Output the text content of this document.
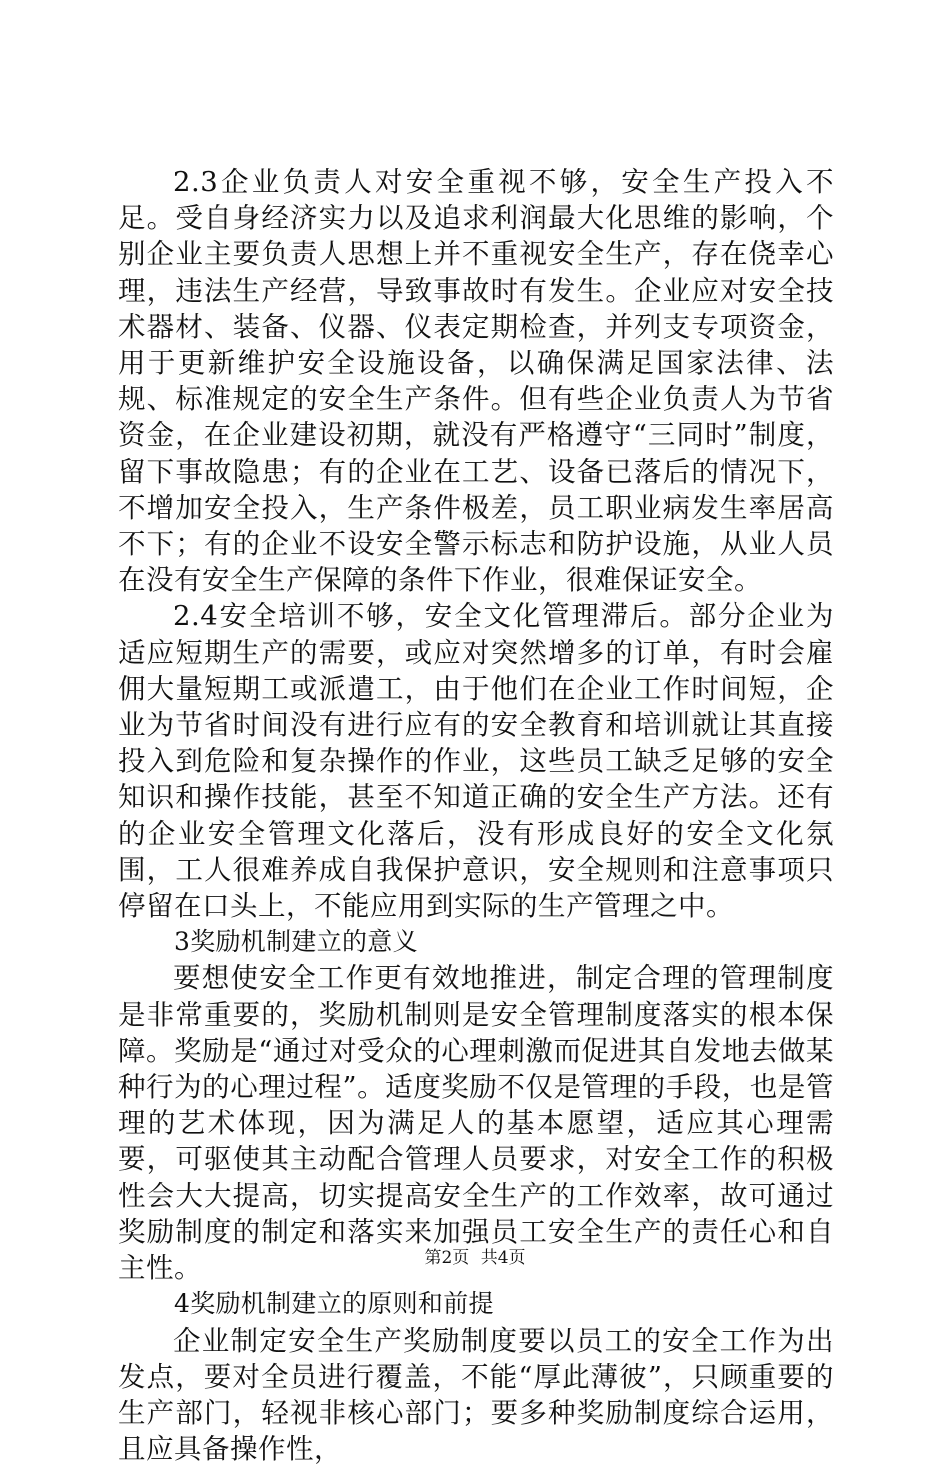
2.3企业负责人对安全重视不够，安全生产投入不足。受自身经济实力以及追求利润最大化思维的影响，个别企业主要负责人思想上并不重视安全生产，存在侥幸心理，违法生产经营，导致事故时有发生。企业应对安全技术器材、装备、仪器、仪表定期检查，并列支专项资金，用于更新维护安全设施设备，以确保满足国家法律、法规、标准规定的安全生产条件。但有些企业负责人为节省资金，在企业建设初期，就没有严格遵守“三同时”制度，留下事故隐患；有的企业在工艺、设备已落后的情况下，不增加安全投入，生产条件极差，员工职业病发生率居高不下；有的企业不设安全警示标志和防护设施，从业人员在没有安全生产保障的条件下作业，很难保证安全。

2.4安全培训不够，安全文化管理滞后。部分企业为适应短期生产的需要，或应对突然增多的订单，有时会雇佣大量短期工或派遣工，由于他们在企业工作时间短，企业为节省时间没有进行应有的安全教育和培训就让其直接投入到危险和复杂操作的作业，这些员工缺乏足够的安全知识和操作技能，甚至不知道正确的安全生产方法。还有的企业安全管理文化落后，没有形成良好的安全文化氛围，工人很难养成自我保护意识，安全规则和注意事项只停留在口头上，不能应用到实际的生产管理之中。

3奖励机制建立的意义

要想使安全工作更有效地推进，制定合理的管理制度是非常重要的，奖励机制则是安全管理制度落实的根本保障。奖励是“通过对受众的心理刺激而促进其自发地去做某种行为的心理过程”。适度奖励不仅是管理的手段，也是管理的艺术体现，因为满足人的基本愿望，适应其心理需要，可驱使其主动配合管理人员要求，对安全工作的积极性会大大提高，切实提高安全生产的工作效率，故可通过奖励制度的制定和落实来加强员工安全生产的责任心和自主性。

4奖励机制建立的原则和前提

企业制定安全生产奖励制度要以员工的安全工作为出发点，要对全员进行覆盖，不能“厚此薄彼”，只顾重要的生产部门，轻视非核心部门；要多种奖励制度综合运用，且应具备操作性，

第2页 共4页
